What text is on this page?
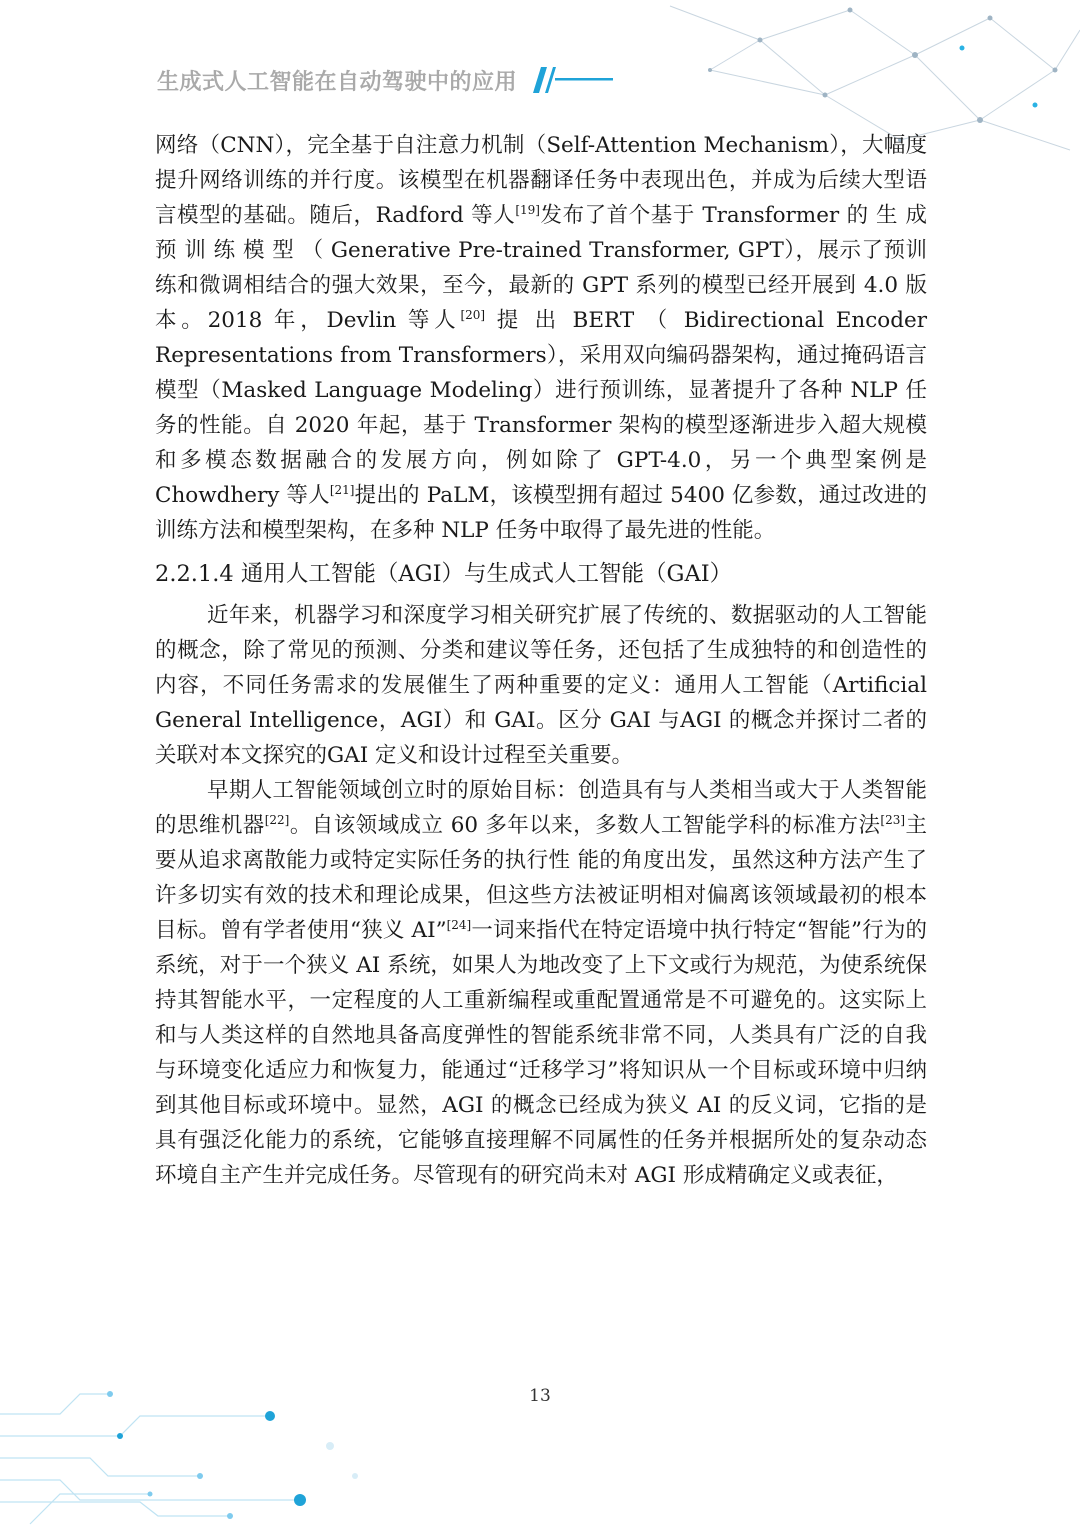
生成式人工智能在自动驾驶中的应用

网络（CNN），完全基于自注意力机制（Self-Attention Mechanism），大幅度提升网络训练的并行度。该模型在机器翻译任务中表现出色，并成为后续大型语言模型的基础。随后，Radford 等人[19]发布了首个基于 Transformer 的 生 成 预 训 练 模 型 （ Generative Pre-trained Transformer, GPT），展示了预训练和微调相结合的强大效果，至今，最新的 GPT 系列的模型已经开展到 4.0 版本。2018 年，Devlin 等人[20] 提 出 BERT （ Bidirectional Encoder Representations from Transformers），采用双向编码器架构，通过掩码语言模型（Masked Language Modeling）进行预训练，显著提升了各种 NLP 任务的性能。自 2020 年起，基于 Transformer 架构的模型逐渐进步入超大规模和多模态数据融合的发展方向，例如除了 GPT-4.0，另一个典型案例是 Chowdhery 等人[21]提出的 PaLM，该模型拥有超过 5400 亿参数，通过改进的训练方法和模型架构，在多种 NLP 任务中取得了最先进的性能。

2.2.1.4 通用人工智能（AGI）与生成式人工智能（GAI）

近年来，机器学习和深度学习相关研究扩展了传统的、数据驱动的人工智能的概念，除了常见的预测、分类和建议等任务，还包括了生成独特的和创造性的内容，不同任务需求的发展催生了两种重要的定义：通用人工智能（Artificial General Intelligence，AGI）和 GAI。区分 GAI 与AGI 的概念并探讨二者的关联对本文探究的GAI 定义和设计过程至关重要。

早期人工智能领域创立时的原始目标：创造具有与人类相当或大于人类智能的思维机器[22]。自该领域成立 60 多年以来，多数人工智能学科的标准方法[23]主要从追求离散能力或特定实际任务的执行性 能的角度出发，虽然这种方法产生了许多切实有效的技术和理论成果，但这些方法被证明相对偏离该领域最初的根本目标。曾有学者使用“狭义 AI”[24]一词来指代在特定语境中执行特定“智能”行为的系统，对于一个狭义 AI 系统，如果人为地改变了上下文或行为规范，为使系统保持其智能水平，一定程度的人工重新编程或重配置通常是不可避免的。这实际上和与人类这样的自然地具备高度弹性的智能系统非常不同，人类具有广泛的自我与环境变化适应力和恢复力，能通过“迁移学习”将知识从一个目标或环境中归纳到其他目标或环境中。显然，AGI 的概念已经成为狭义 AI 的反义词，它指的是具有强泛化能力的系统，它能够直接理解不同属性的任务并根据所处的复杂动态环境自主产生并完成任务。尽管现有的研究尚未对 AGI 形成精确定义或表征，

13
